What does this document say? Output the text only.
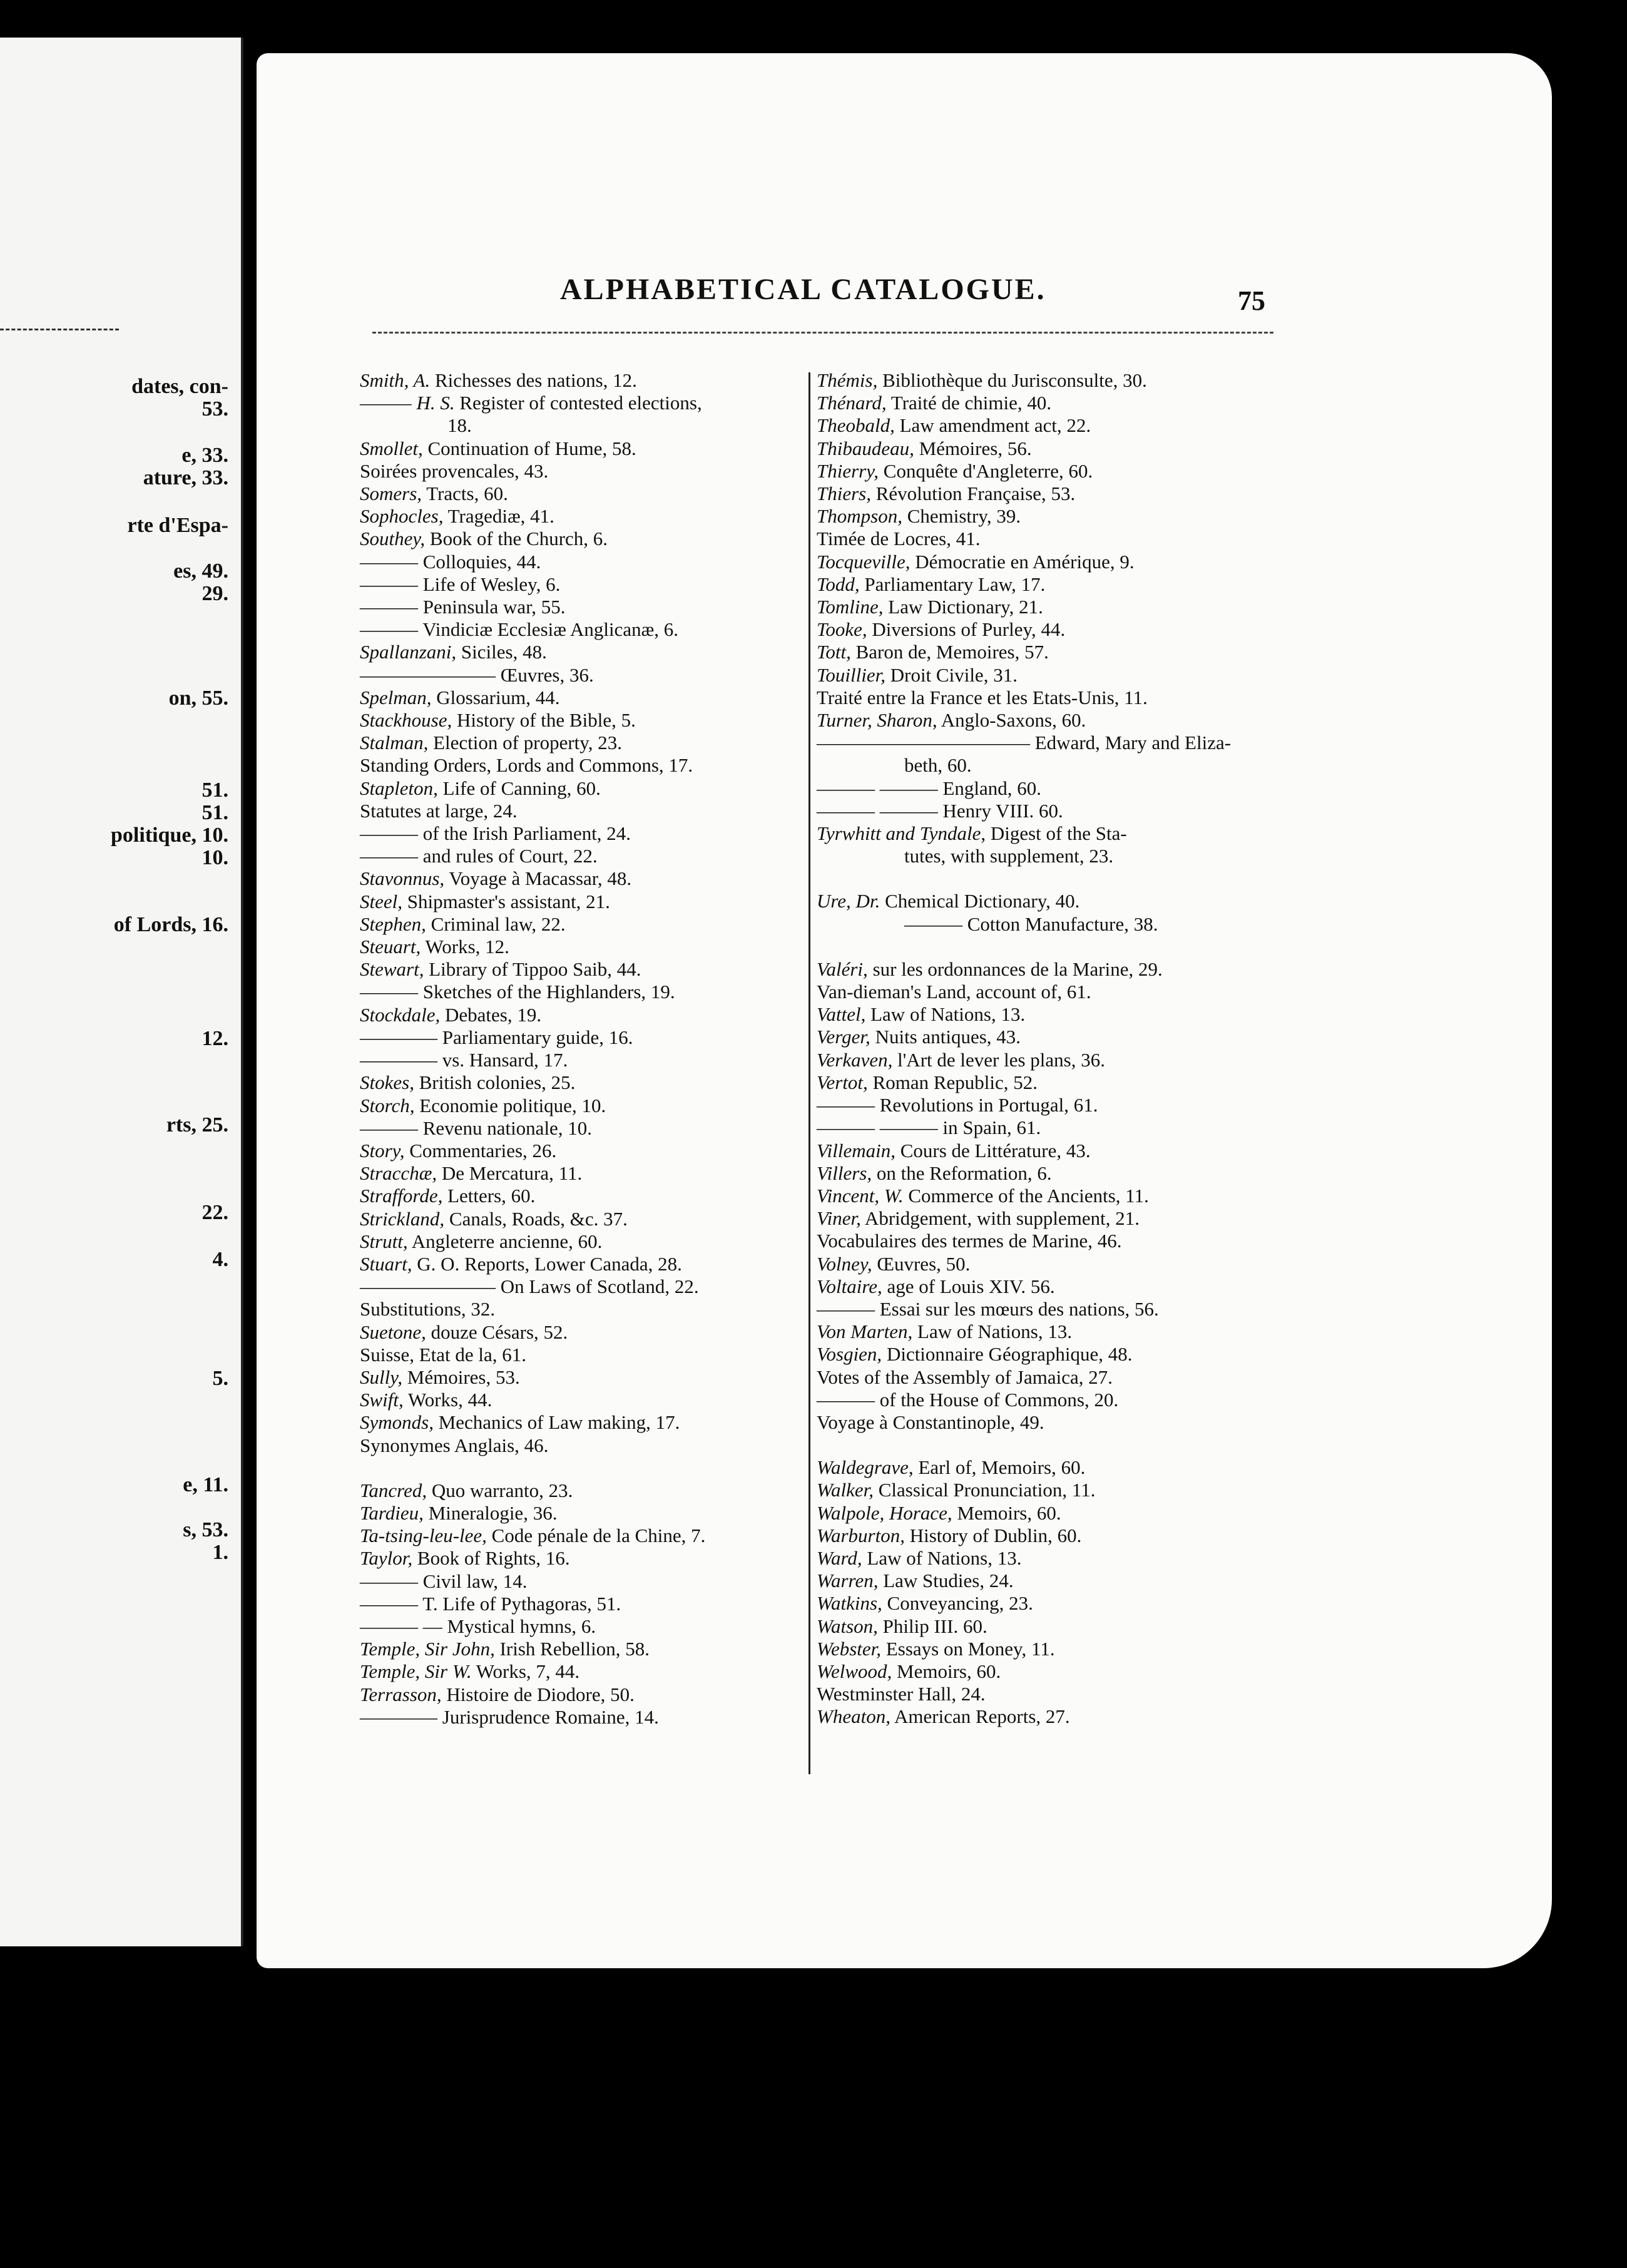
dates, con-
53.
e, 33.
ature, 33.
rte d'Espa-
es, 49.
29.
on, 55.
51.
51.
politique, 10.
10.
of Lords, 16.
12.
rts, 25.
22.
4.
5.
e, 11.
s, 53.
1.
ALPHABETICAL CATALOGUE.	75
Smith, A. Richesses des nations, 12.
——— H. S. Register of contested elections,
18.
Smollet, Continuation of Hume, 58.
Soirées provencales, 43.
Somers, Tracts, 60.
Sophocles, Tragediæ, 41.
Southey, Book of the Church, 6.
——— Colloquies, 44.
——— Life of Wesley, 6.
——— Peninsula war, 55.
——— Vindiciæ Ecclesiæ Anglicanæ, 6.
Spallanzani, Siciles, 48.
——————— Œuvres, 36.
Spelman, Glossarium, 44.
Stackhouse, History of the Bible, 5.
Stalman, Election of property, 23.
Standing Orders, Lords and Commons, 17.
Stapleton, Life of Canning, 60.
Statutes at large, 24.
——— of the Irish Parliament, 24.
——— and rules of Court, 22.
Stavonnus, Voyage à Macassar, 48.
Steel, Shipmaster's assistant, 21.
Stephen, Criminal law, 22.
Steuart, Works, 12.
Stewart, Library of Tippoo Saib, 44.
——— Sketches of the Highlanders, 19.
Stockdale, Debates, 19.
———— Parliamentary guide, 16.
———— vs. Hansard, 17.
Stokes, British colonies, 25.
Storch, Economie politique, 10.
——— Revenu nationale, 10.
Story, Commentaries, 26.
Stracchæ, De Mercatura, 11.
Strafforde, Letters, 60.
Strickland, Canals, Roads, &c. 37.
Strutt, Angleterre ancienne, 60.
Stuart, G. O. Reports, Lower Canada, 28.
——————— On Laws of Scotland, 22.
Substitutions, 32.
Suetone, douze Césars, 52.
Suisse, Etat de la, 61.
Sully, Mémoires, 53.
Swift, Works, 44.
Symonds, Mechanics of Law making, 17.
Synonymes Anglais, 46.
Tancred, Quo warranto, 23.
Tardieu, Mineralogie, 36.
Ta-tsing-leu-lee, Code pénale de la Chine, 7.
Taylor, Book of Rights, 16.
——— Civil law, 14.
——— T. Life of Pythagoras, 51.
——— — Mystical hymns, 6.
Temple, Sir John, Irish Rebellion, 58.
Temple, Sir W. Works, 7, 44.
Terrasson, Histoire de Diodore, 50.
———— Jurisprudence Romaine, 14.
Thémis, Bibliothèque du Jurisconsulte, 30.
Thénard, Traité de chimie, 40.
Theobald, Law amendment act, 22.
Thibaudeau, Mémoires, 56.
Thierry, Conquête d'Angleterre, 60.
Thiers, Révolution Française, 53.
Thompson, Chemistry, 39.
Timée de Locres, 41.
Tocqueville, Démocratie en Amérique, 9.
Todd, Parliamentary Law, 17.
Tomline, Law Dictionary, 21.
Tooke, Diversions of Purley, 44.
Tott, Baron de, Memoires, 57.
Touillier, Droit Civile, 31.
Traité entre la France et les Etats-Unis, 11.
Turner, Sharon, Anglo-Saxons, 60.
——————————— Edward, Mary and Eliza-
beth, 60.
——— ——— England, 60.
——— ——— Henry VIII. 60.
Tyrwhitt and Tyndale, Digest of the Sta-
tutes, with supplement, 23.
Ure, Dr. Chemical Dictionary, 40.
——— Cotton Manufacture, 38.
Valéri, sur les ordonnances de la Marine, 29.
Van-dieman's Land, account of, 61.
Vattel, Law of Nations, 13.
Verger, Nuits antiques, 43.
Verkaven, l'Art de lever les plans, 36.
Vertot, Roman Republic, 52.
——— Revolutions in Portugal, 61.
——— ——— in Spain, 61.
Villemain, Cours de Littérature, 43.
Villers, on the Reformation, 6.
Vincent, W. Commerce of the Ancients, 11.
Viner, Abridgement, with supplement, 21.
Vocabulaires des termes de Marine, 46.
Volney, Œuvres, 50.
Voltaire, age of Louis XIV. 56.
——— Essai sur les mœurs des nations, 56.
Von Marten, Law of Nations, 13.
Vosgien, Dictionnaire Géographique, 48.
Votes of the Assembly of Jamaica, 27.
——— of the House of Commons, 20.
Voyage à Constantinople, 49.
Waldegrave, Earl of, Memoirs, 60.
Walker, Classical Pronunciation, 11.
Walpole, Horace, Memoirs, 60.
Warburton, History of Dublin, 60.
Ward, Law of Nations, 13.
Warren, Law Studies, 24.
Watkins, Conveyancing, 23.
Watson, Philip III. 60.
Webster, Essays on Money, 11.
Welwood, Memoirs, 60.
Westminster Hall, 24.
Wheaton, American Reports, 27.
